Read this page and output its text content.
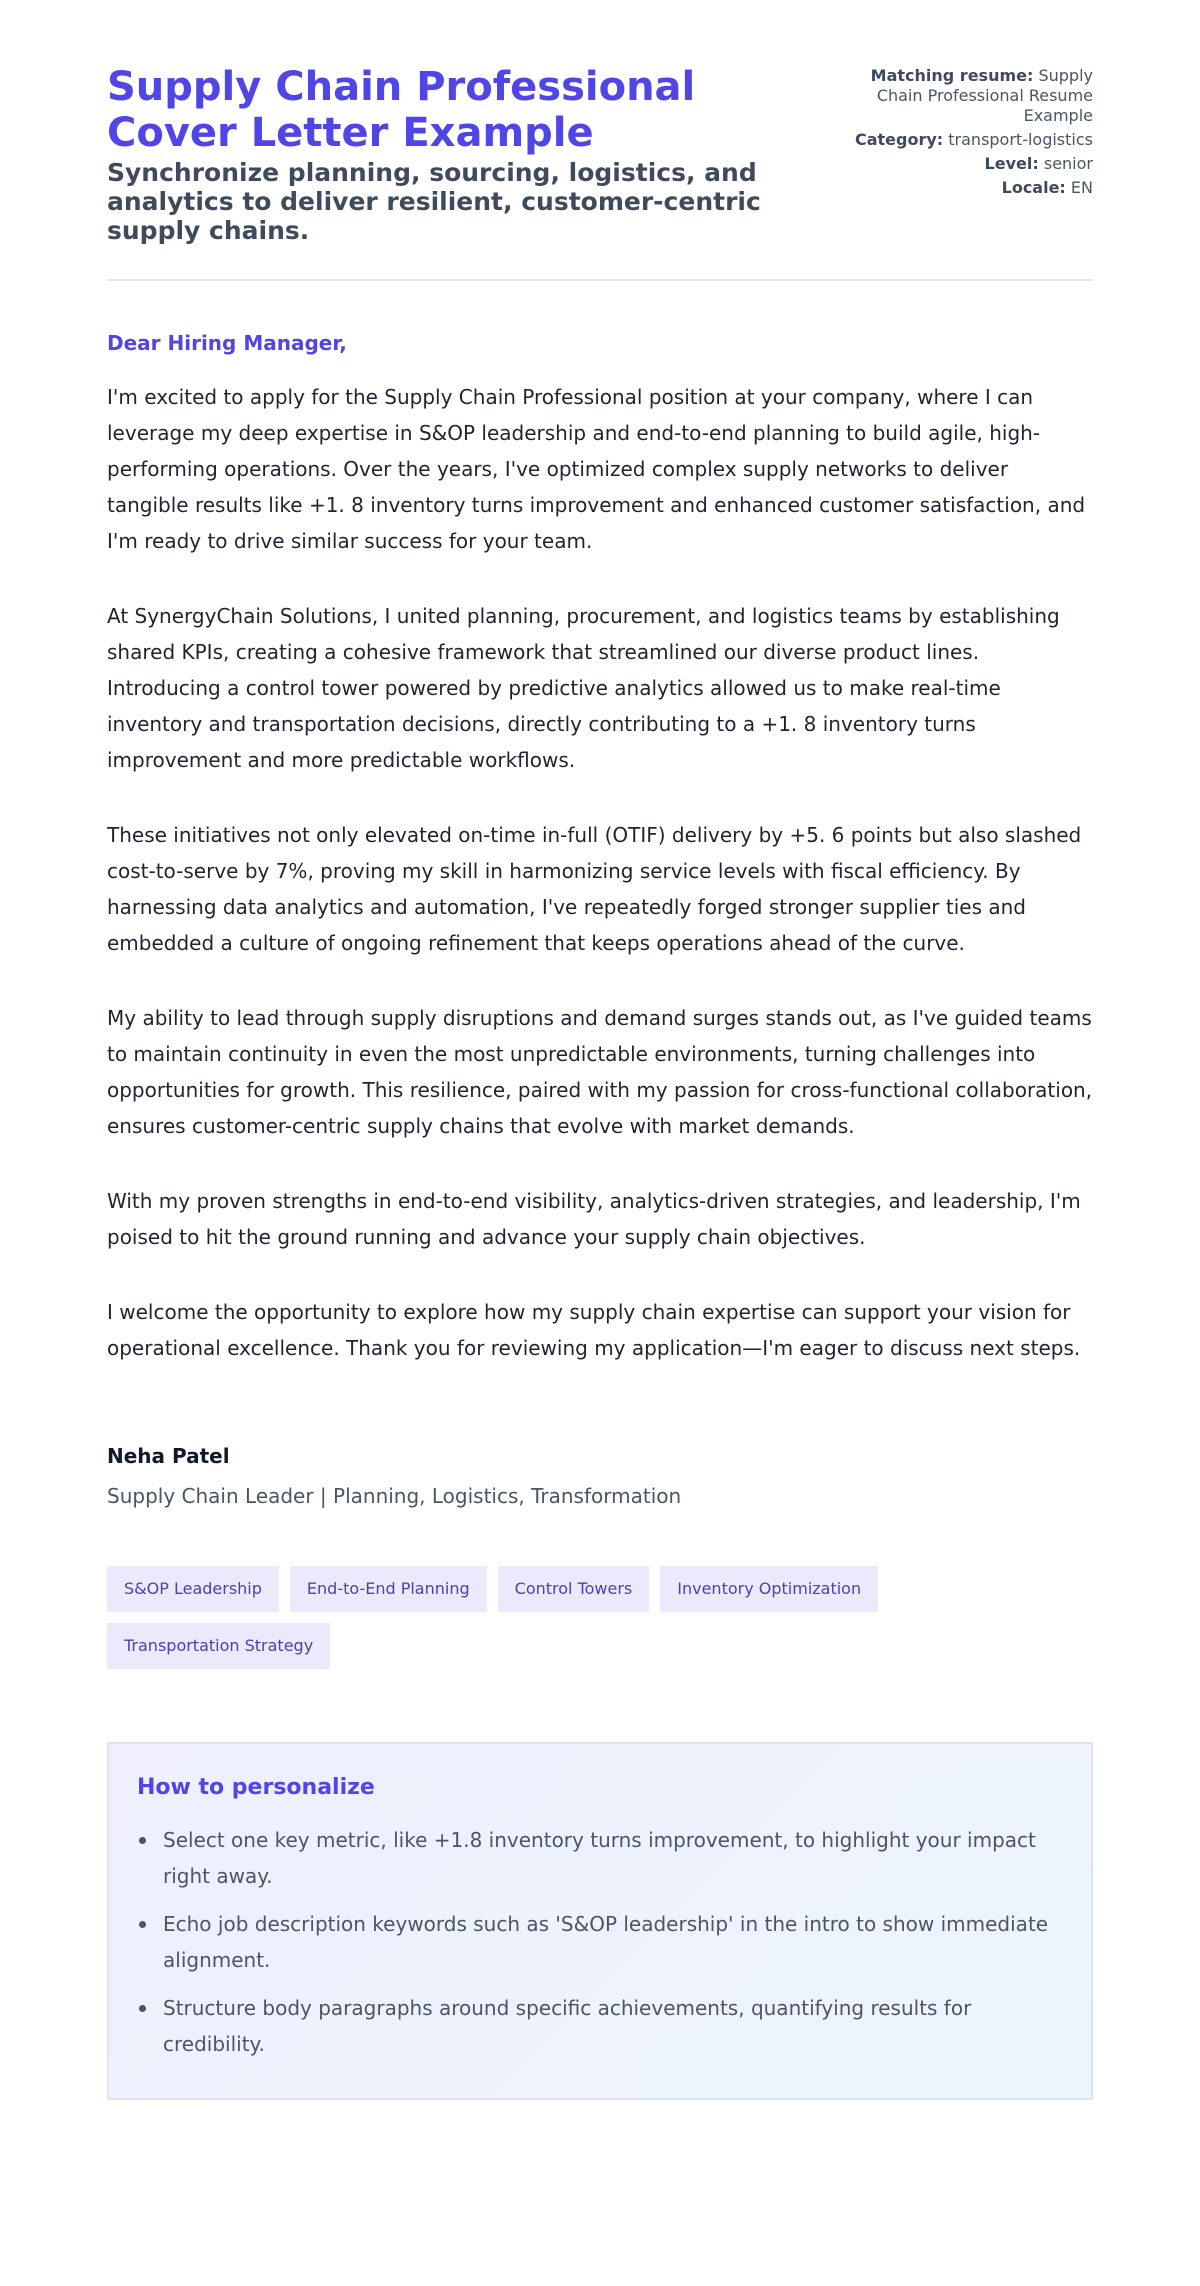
Supply Chain Professional Cover Letter Example
Synchronize planning, sourcing, logistics, and analytics to deliver resilient, customer-centric supply chains.
Matching resume: Supply Chain Professional Resume Example
Category: transport-logistics
Level: senior
Locale: EN

Dear Hiring Manager,

I'm excited to apply for the Supply Chain Professional position at your company, where I can leverage my deep expertise in S&OP leadership and end-to-end planning to build agile, high-performing operations. Over the years, I've optimized complex supply networks to deliver tangible results like +1. 8 inventory turns improvement and enhanced customer satisfaction, and I'm ready to drive similar success for your team.

At SynergyChain Solutions, I united planning, procurement, and logistics teams by establishing shared KPIs, creating a cohesive framework that streamlined our diverse product lines. Introducing a control tower powered by predictive analytics allowed us to make real-time inventory and transportation decisions, directly contributing to a +1. 8 inventory turns improvement and more predictable workflows.

These initiatives not only elevated on-time in-full (OTIF) delivery by +5. 6 points but also slashed cost-to-serve by 7%, proving my skill in harmonizing service levels with fiscal efficiency. By harnessing data analytics and automation, I've repeatedly forged stronger supplier ties and embedded a culture of ongoing refinement that keeps operations ahead of the curve.

My ability to lead through supply disruptions and demand surges stands out, as I've guided teams to maintain continuity in even the most unpredictable environments, turning challenges into opportunities for growth. This resilience, paired with my passion for cross-functional collaboration, ensures customer-centric supply chains that evolve with market demands.

With my proven strengths in end-to-end visibility, analytics-driven strategies, and leadership, I'm poised to hit the ground running and advance your supply chain objectives.

I welcome the opportunity to explore how my supply chain expertise can support your vision for operational excellence. Thank you for reviewing my application—I'm eager to discuss next steps.

Neha Patel
Supply Chain Leader | Planning, Logistics, Transformation
S&OP Leadership	End-to-End Planning	Control Towers	Inventory Optimization
Transportation Strategy
How to personalize
Select one key metric, like +1.8 inventory turns improvement, to highlight your impact right away.
Echo job description keywords such as 'S&OP leadership' in the intro to show immediate alignment.
Structure body paragraphs around specific achievements, quantifying results for credibility.
